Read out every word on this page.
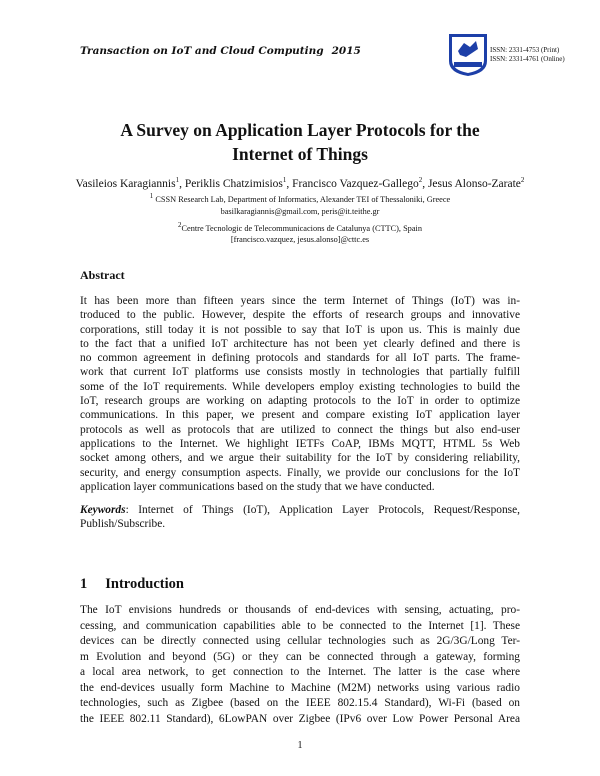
Transaction on IoT and Cloud Computing 2015	ISSN: 2331-4753 (Print)
ISSN: 2331-4761 (Online)
A Survey on Application Layer Protocols for the
Internet of Things
Vasileios Karagiannis$^1$, Periklis Chatzimisios$^1$, Francisco Vazquez-Gallego$^2$, Jesus Alonso-Zarate$^2$
$^1$ CSSN Research Lab, Department of Informatics, Alexander TEI of Thessaloniki, Greece
basilkaragiannis@gmail.com, peris@it.teithe.gr
$^2$Centre Tecnologic de Telecommunicacions de Catalunya (CTTC), Spain
[francisco.vazquez, jesus.alonso]@cttc.es
Abstract
It has been more than fifteen years since the term Internet of Things (IoT) was in-
troduced to the public. However, despite the efforts of research groups and innovative
corporations, still today it is not possible to say that IoT is upon us. This is mainly due
to the fact that a unified IoT architecture has not been yet clearly defined and there is
no common agreement in defining protocols and standards for all IoT parts. The frame-
work that current IoT platforms use consists mostly in technologies that partially fulfill
some of the IoT requirements. While developers employ existing technologies to build the
IoT, research groups are working on adapting protocols to the IoT in order to optimize
communications. In this paper, we present and compare existing IoT application layer
protocols as well as protocols that are utilized to connect the things but also end-user
applications to the Internet. We highlight IETFs CoAP, IBMs MQTT, HTML 5s Web
socket among others, and we argue their suitability for the IoT by considering reliability,
security, and energy consumption aspects. Finally, we provide our conclusions for the IoT
application layer communications based on the study that we have conducted.
Keywords: Internet of Things (IoT), Application Layer Protocols, Request/Response,
Publish/Subscribe.
1 Introduction
The IoT envisions hundreds or thousands of end-devices with sensing, actuating, pro-
cessing, and communication capabilities able to be connected to the Internet [1]. These
devices can be directly connected using cellular technologies such as 2G/3G/Long Ter-
m Evolution and beyond (5G) or they can be connected through a gateway, forming
a local area network, to get connection to the Internet. The latter is the case where
the end-devices usually form Machine to Machine (M2M) networks using various radio
technologies, such as Zigbee (based on the IEEE 802.15.4 Standard), Wi-Fi (based on
the IEEE 802.11 Standard), 6LowPAN over Zigbee (IPv6 over Low Power Personal Area
1
